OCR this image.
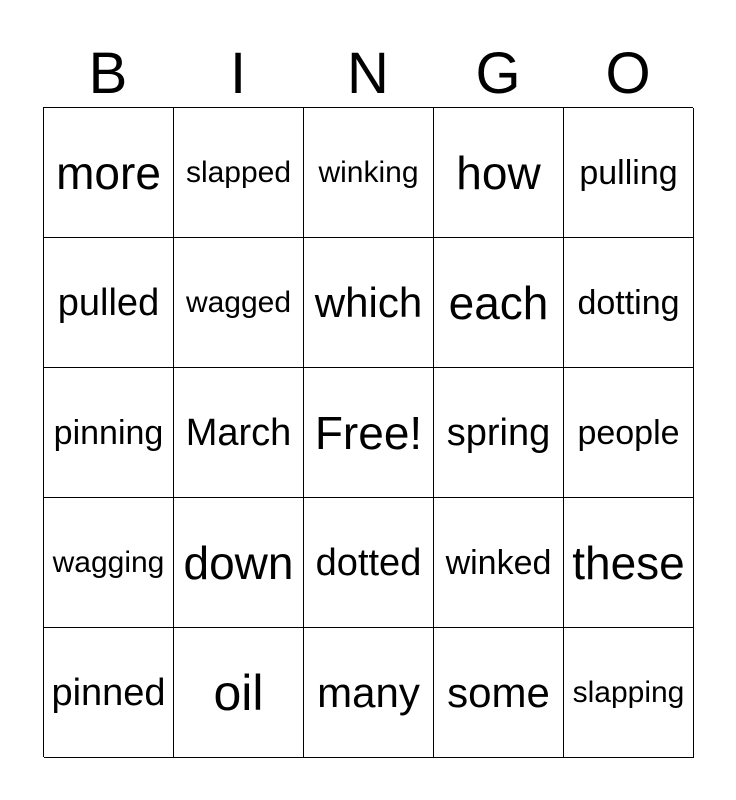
B	I	N	G	O
more slapped winking how	pulling
pulled wagged which each dotting
pinning March Free! spring people
wagging down dotted winked these
pinned oil	many some slapping
